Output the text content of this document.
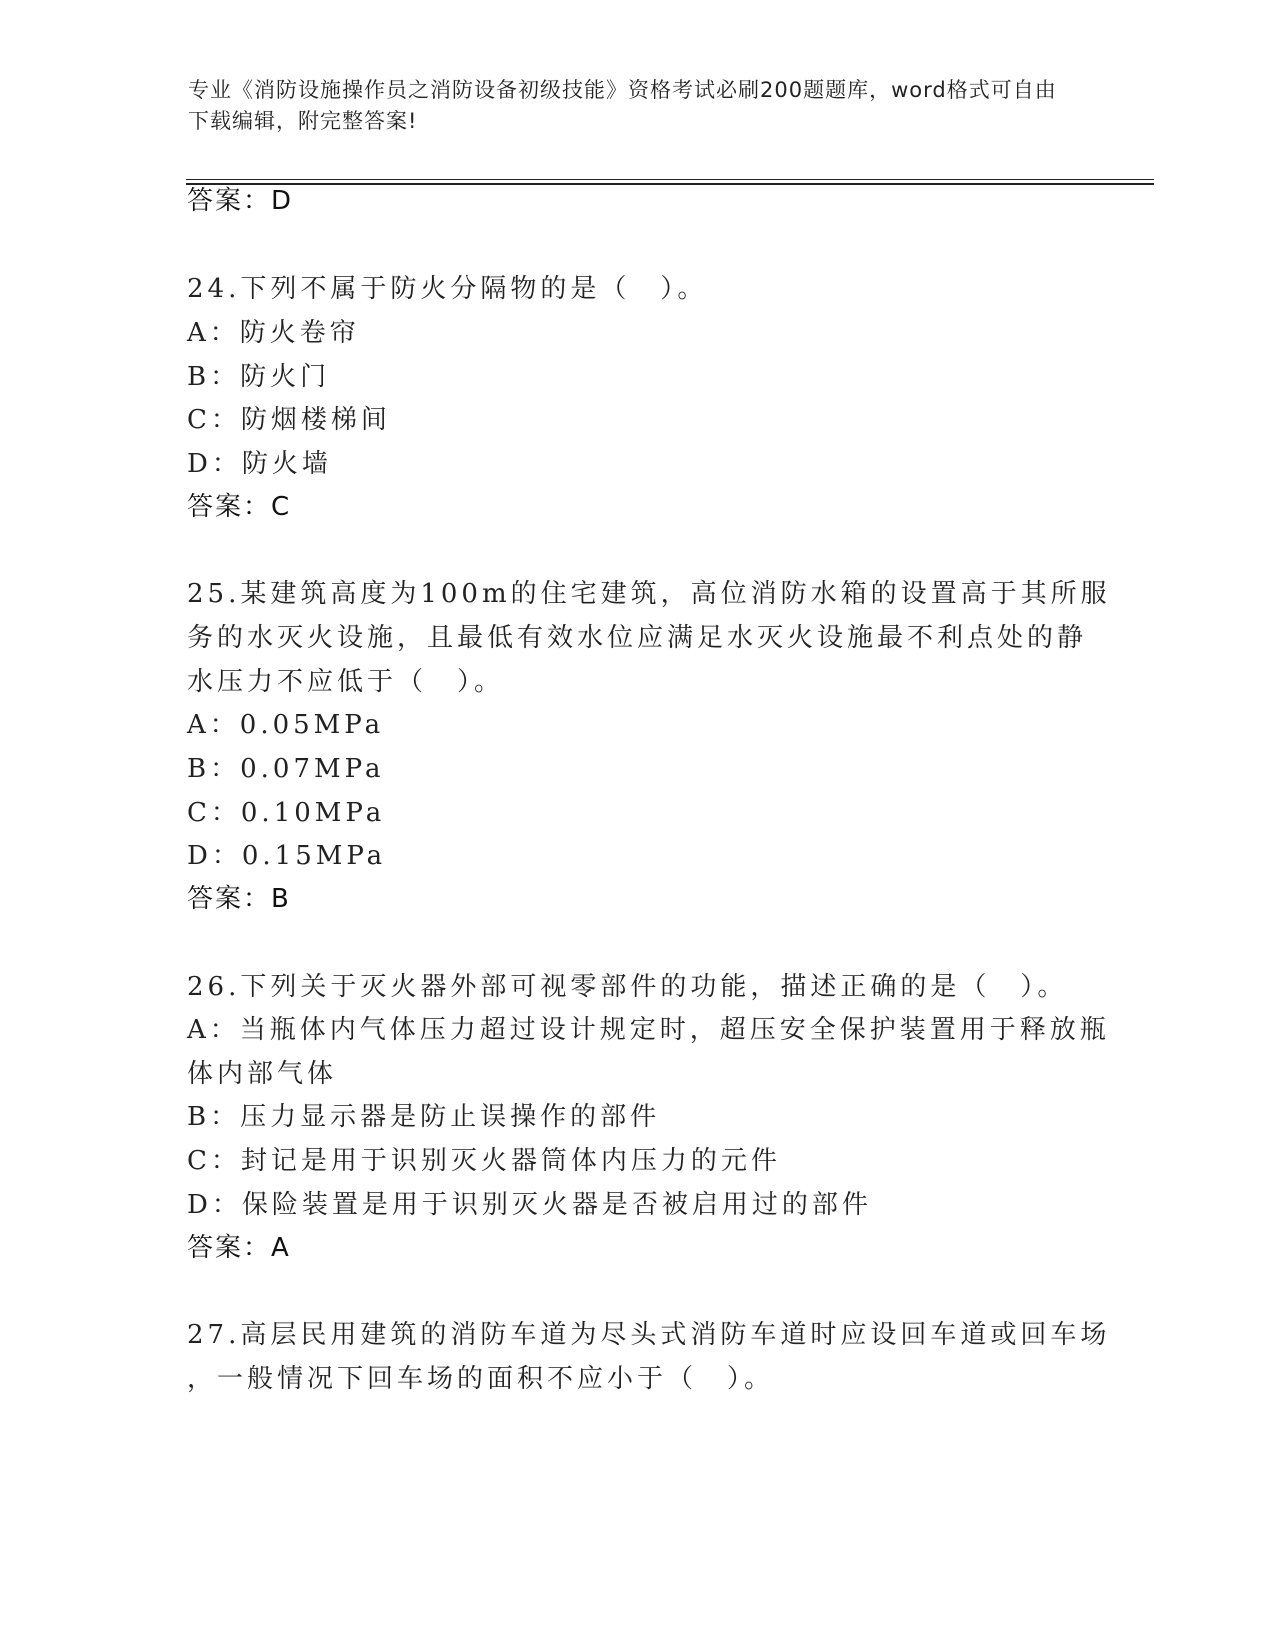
专业《消防设施操作员之消防设备初级技能》资格考试必刷200题题库，word格式可自由下载编辑，附完整答案!
答案：D
24.下列不属于防火分隔物的是（　）。
A：防火卷帘
B：防火门
C：防烟楼梯间
D：防火墙
答案：C
25.某建筑高度为100m的住宅建筑，高位消防水箱的设置高于其所服
务的水灭火设施，且最低有效水位应满足水灭火设施最不利点处的静
水压力不应低于（　）。
A：0.05MPa
B：0.07MPa
C：0.10MPa
D：0.15MPa
答案：B
26.下列关于灭火器外部可视零部件的功能，描述正确的是（　）。
A：当瓶体内气体压力超过设计规定时，超压安全保护装置用于释放瓶
体内部气体
B：压力显示器是防止误操作的部件
C：封记是用于识别灭火器筒体内压力的元件
D：保险装置是用于识别灭火器是否被启用过的部件
答案：A
27.高层民用建筑的消防车道为尽头式消防车道时应设回车道或回车场
，一般情况下回车场的面积不应小于（　）。
